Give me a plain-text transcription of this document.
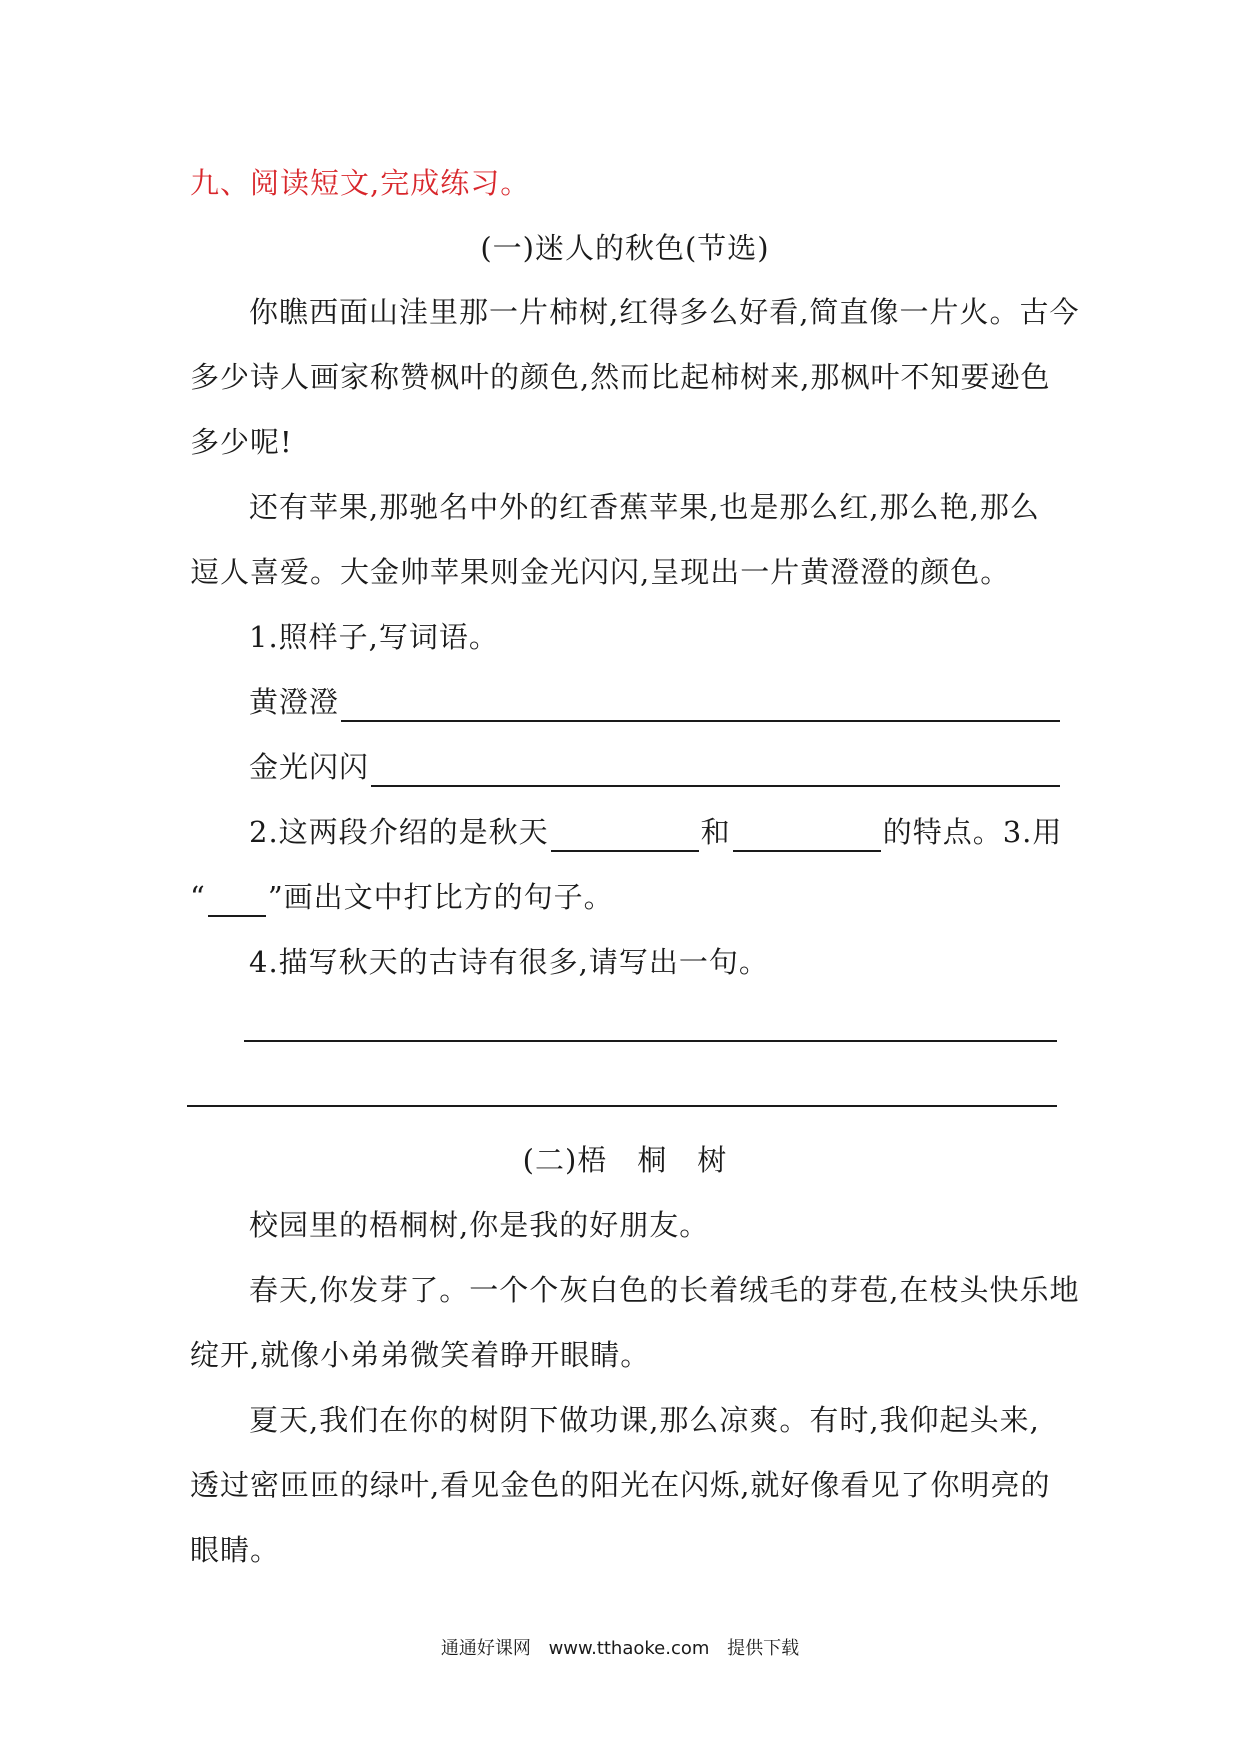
九、阅读短文,完成练习。
(一)迷人的秋色(节选)
你瞧西面山洼里那一片柿树,红得多么好看,简直像一片火。古今
多少诗人画家称赞枫叶的颜色,然而比起柿树来,那枫叶不知要逊色
多少呢!
还有苹果,那驰名中外的红香蕉苹果,也是那么红,那么艳,那么
逗人喜爱。大金帅苹果则金光闪闪,呈现出一片黄澄澄的颜色。
1.照样子,写词语。
黄澄澄
金光闪闪
2.这两段介绍的是秋天	和	的特点。3.用
“ ”画出文中打比方的句子。
4.描写秋天的古诗有很多,请写出一句。
(二)梧　桐　树
校园里的梧桐树,你是我的好朋友。
春天,你发芽了。一个个灰白色的长着绒毛的芽苞,在枝头快乐地
绽开,就像小弟弟微笑着睁开眼睛。
夏天,我们在你的树阴下做功课,那么凉爽。有时,我仰起头来,
透过密匝匝的绿叶,看见金色的阳光在闪烁,就好像看见了你明亮的
眼睛。
通通好课网 www.tthaoke.com 提供下载
